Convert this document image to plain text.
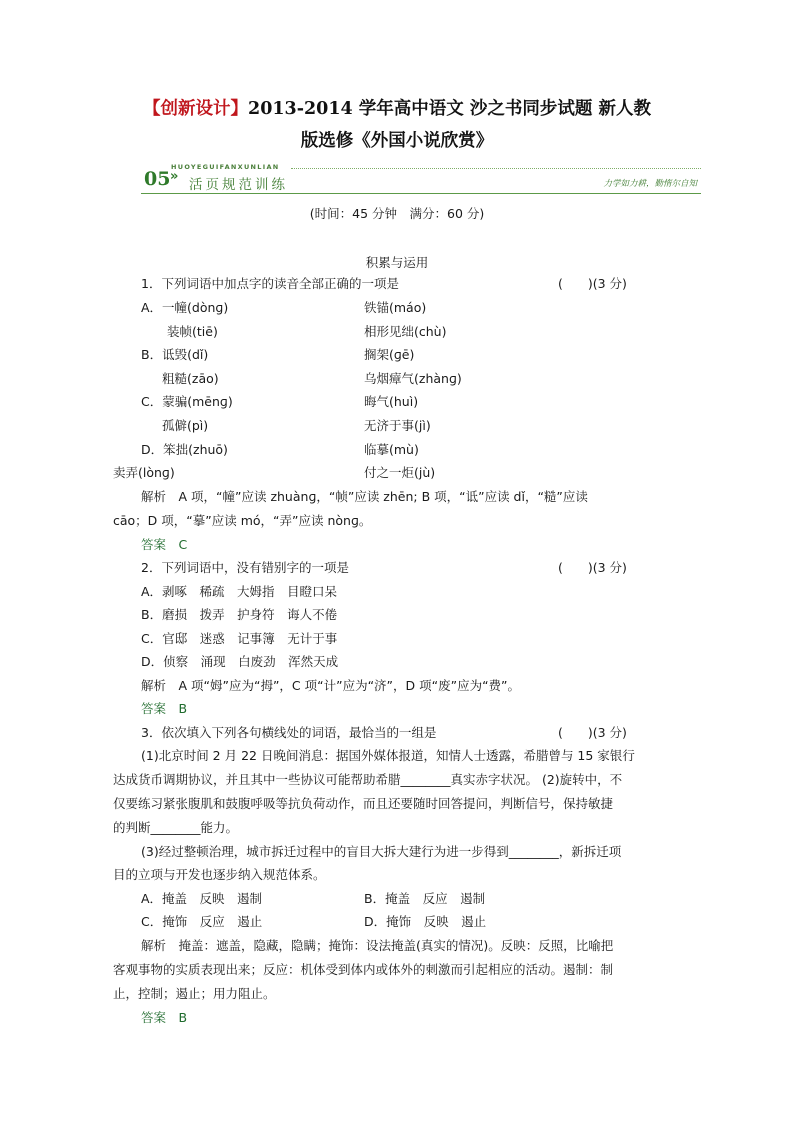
【创新设计】2013-2014 学年高中语文 沙之书同步试题 新人教
版选修《外国小说欣赏》
HUOYEGUIFANXUNLIAN
05 »
活页规范训练	力学如力耕，勤惰尔自知
(时间：45 分钟　满分：60 分)
积累与运用
1．下列词语中加点字的读音全部正确的一项是	(　　)(3 分)
A．一幢(dònɡ)	铁锚(máo)
装帧(tiē)	相形见绌(chù)
B．诋毁(dǐ)	搁架(ɡē)
粗糙(zāo)	乌烟瘴气(zhànɡ)
C．蒙骗(mēnɡ)	晦气(huì)
孤僻(pì)	无济于事(jì)
D．笨拙(zhuō)	临摹(mù)
卖弄(lònɡ)	付之一炬(jù)
解析　A 项，“幢”应读 zhuànɡ，“帧”应读 zhēn; B 项，“诋”应读 dǐ，“糙”应读
cāo；D 项，“摹”应读 mó，“弄”应读 nònɡ。
答案　C
2．下列词语中，没有错别字的一项是	(　　)(3 分)
A．剥啄　稀疏　大姆指　目瞪口呆
B．磨损　拨弄　护身符　诲人不倦
C．官邸　迷惑　记事簿　无计于事
D．侦察　涌现　白废劲　浑然天成
解析　A 项“姆”应为“拇”，C 项“计”应为“济”，D 项“废”应为“费”。
答案　B
3．依次填入下列各句横线处的词语，最恰当的一组是	(　　)(3 分)
(1)北京时间 2 月 22 日晚间消息：据国外媒体报道，知情人士透露，希腊曾与 15 家银行
达成货币调期协议，并且其中一些协议可能帮助希腊________真实赤字状况。 (2)旋转中，不
仅要练习紧张腹肌和鼓腹呼吸等抗负荷动作，而且还要随时回答提问，判断信号，保持敏捷
的判断________能力。
(3)经过整顿治理，城市拆迁过程中的盲目大拆大建行为进一步得到________，新拆迁项
目的立项与开发也逐步纳入规范体系。
A．掩盖　反映　遏制	B．掩盖　反应　遏制
C．掩饰　反应　遏止	D．掩饰　反映　遏止
解析　掩盖：遮盖，隐藏，隐瞒；掩饰：设法掩盖(真实的情况)。反映：反照，比喻把
客观事物的实质表现出来；反应：机体受到体内或体外的刺激而引起相应的活动。遏制：制
止，控制；遏止；用力阻止。
答案　B
